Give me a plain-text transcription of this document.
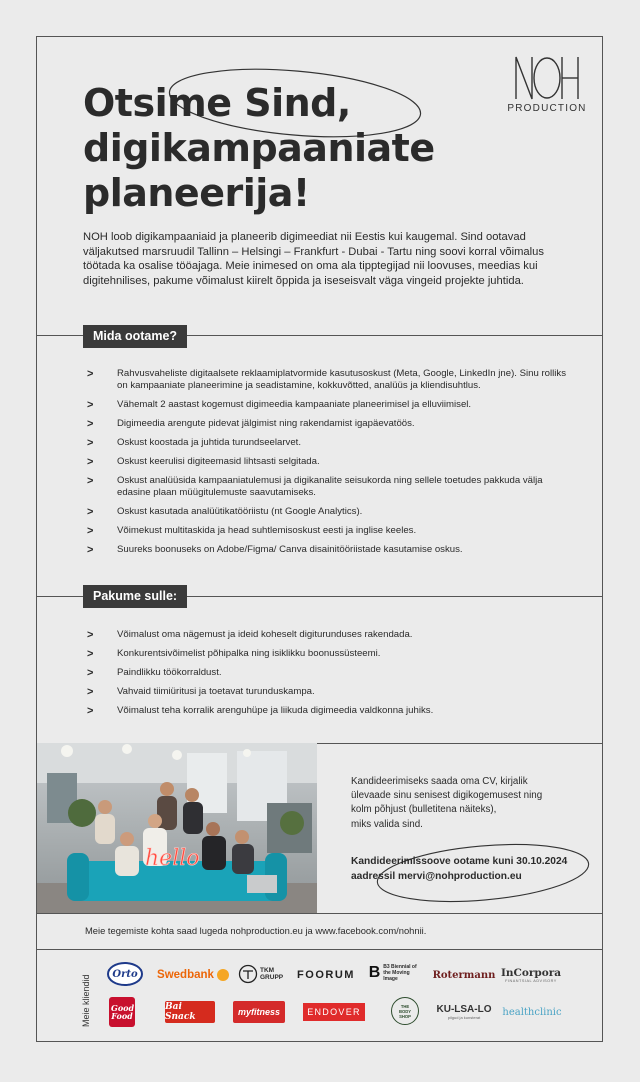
PRODUCTION
Otsime Sind,
digikampaaniate
planeerija!
NOH loob digikampaaniaid ja planeerib digimeediat nii Eestis kui kaugemal. Sind ootavad väljakutsed marsruudil Tallinn – Helsingi – Frankfurt - Dubai - Tartu ning soovi korral võimalus töötada ka osalise tööajaga. Meie inimesed on oma ala tipptegijad nii loovuses, meedias kui digitehnilises, pakume võimalust kiirelt õppida ja iseseisvalt väga vingeid projekte juhtida.
Mida ootame?
> Rahvusvaheliste digitaalsete reklaamiplatvormide kasutusoskust (Meta, Google, LinkedIn jne). Sinu rolliks on kampaaniate planeerimine ja seadistamine, kokkuvõtted, analüüs ja kliendisuhtlus.
> Vähemalt 2 aastast kogemust digimeedia kampaaniate planeerimisel ja elluviimisel.
> Digimeedia arengute pidevat jälgimist ning rakendamist igapäevatöös.
> Oskust koostada ja juhtida turundseelarvet.
> Oskust keerulisi digiteemasid lihtsasti selgitada.
> Oskust analüüsida kampaaniatulemusi ja digikanalite seisukorda ning sellele toetudes pakkuda välja edasine plaan müügitulemuste saavutamiseks.
> Oskust kasutada analüütikatööriistu (nt Google Analytics).
> Võimekust multitaskida ja head suhtlemisoskust eesti ja inglise keeles.
> Suureks boonuseks on Adobe/Figma/ Canva disainitööriistade kasutamise oskus.
Pakume sulle:
> Võimalust oma nägemust ja ideid koheselt digiturunduses rakendada.
> Konkurentsivõimelist põhipalka ning isiklikku boonussüsteemi.
> Paindlikku töökorraldust.
> Vahvaid tiimiüritusi ja toetavat turunduskampa.
> Võimalust teha korralik arenguhüpe ja liikuda digimeedia valdkonna juhiks.
hello
Kandideerimiseks saada oma CV, kirjalik
ülevaade sinu senisest digikogemusest ning
kolm põhjust (bulletitena näiteks),
miks valida sind.
Kandideerimissoove ootame kuni 30.10.2024
aadressil mervi@nohproduction.eu
Meie tegemiste kohta saad lugeda nohproduction.eu ja www.facebook.com/nohnii.
Meie kliendid
Orto Swedbank	TKM GRUPP FOORUM B B3 Biennial of the Moving Image	Rotermann InCorpora
FINANTSIAL ADVISORY
Good Food
Bai Snack	myfitness	ENDOVER
THE BODY SHOP
KU-LSA-LO
pilgud ja kunsterat healthclinic
